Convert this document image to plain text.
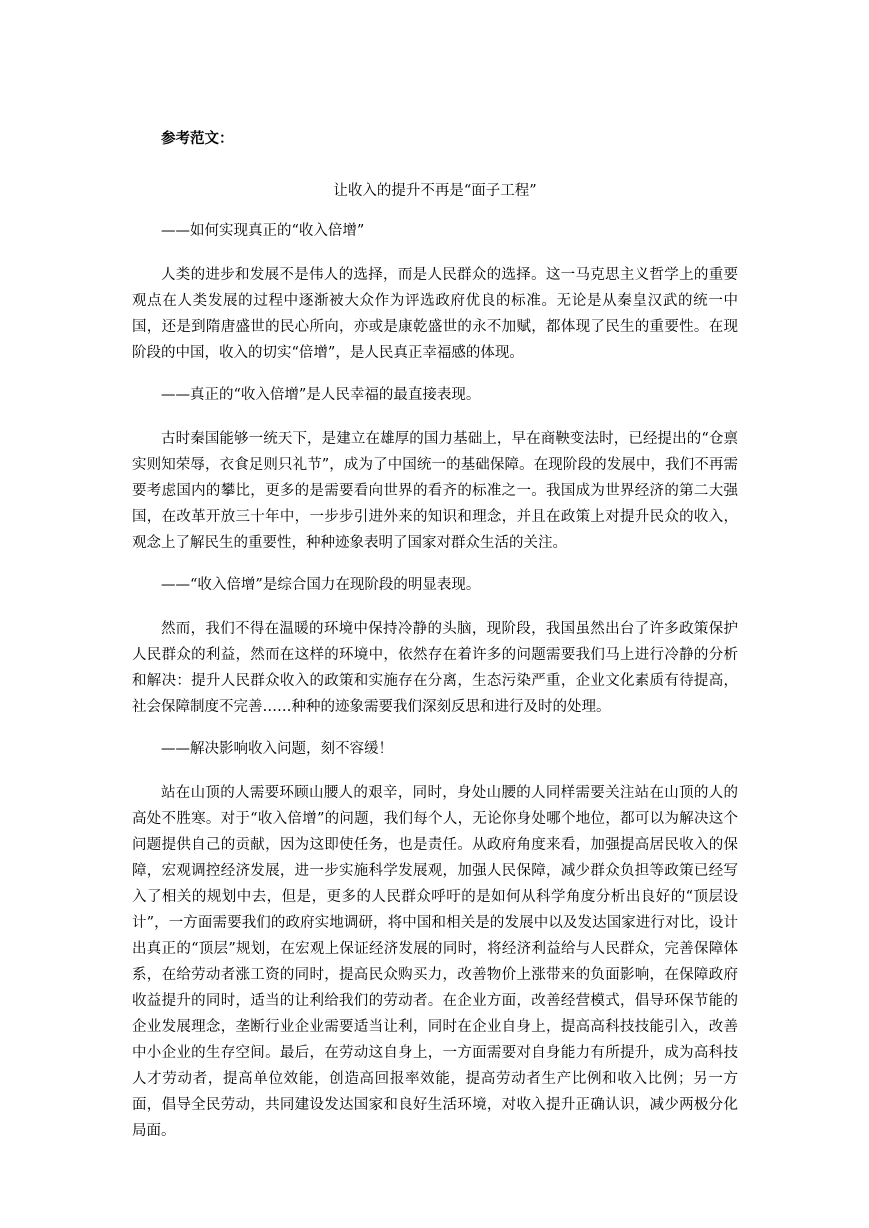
参考范文：

让收入的提升不再是“面子工程”

——如何实现真正的“收入倍增”

人类的进步和发展不是伟人的选择，而是人民群众的选择。这一马克思主义哲学上的重要观点在人类发展的过程中逐渐被大众作为评选政府优良的标准。无论是从秦皇汉武的统一中国，还是到隋唐盛世的民心所向，亦或是康乾盛世的永不加赋，都体现了民生的重要性。在现阶段的中国，收入的切实“倍增”，是人民真正幸福感的体现。

——真正的“收入倍增”是人民幸福的最直接表现。

古时秦国能够一统天下，是建立在雄厚的国力基础上，早在商鞅变法时，已经提出的“仓禀实则知荣辱，衣食足则只礼节”，成为了中国统一的基础保障。在现阶段的发展中，我们不再需要考虑国内的攀比，更多的是需要看向世界的看齐的标准之一。我国成为世界经济的第二大强国，在改革开放三十年中，一步步引进外来的知识和理念，并且在政策上对提升民众的收入，观念上了解民生的重要性，种种迹象表明了国家对群众生活的关注。

——“收入倍增”是综合国力在现阶段的明显表现。

然而，我们不得在温暖的环境中保持冷静的头脑，现阶段，我国虽然出台了许多政策保护人民群众的利益，然而在这样的环境中，依然存在着许多的问题需要我们马上进行冷静的分析和解决：提升人民群众收入的政策和实施存在分离，生态污染严重，企业文化素质有待提高，社会保障制度不完善……种种的迹象需要我们深刻反思和进行及时的处理。

——解决影响收入问题，刻不容缓！

站在山顶的人需要环顾山腰人的艰辛，同时，身处山腰的人同样需要关注站在山顶的人的高处不胜寒。对于“收入倍增”的问题，我们每个人，无论你身处哪个地位，都可以为解决这个问题提供自己的贡献，因为这即使任务，也是责任。从政府角度来看，加强提高居民收入的保障，宏观调控经济发展，进一步实施科学发展观，加强人民保障，减少群众负担等政策已经写入了相关的规划中去，但是，更多的人民群众呼吁的是如何从科学角度分析出良好的“顶层设计”，一方面需要我们的政府实地调研，将中国和相关是的发展中以及发达国家进行对比，设计出真正的“顶层”规划，在宏观上保证经济发展的同时，将经济利益给与人民群众，完善保障体系，在给劳动者涨工资的同时，提高民众购买力，改善物价上涨带来的负面影响，在保障政府收益提升的同时，适当的让利给我们的劳动者。在企业方面，改善经营模式，倡导环保节能的企业发展理念，垄断行业企业需要适当让利，同时在企业自身上，提高高科技技能引入，改善中小企业的生存空间。最后，在劳动这自身上，一方面需要对自身能力有所提升，成为高科技人才劳动者，提高单位效能，创造高回报率效能，提高劳动者生产比例和收入比例；另一方面，倡导全民劳动，共同建设发达国家和良好生活环境，对收入提升正确认识，减少两极分化局面。
